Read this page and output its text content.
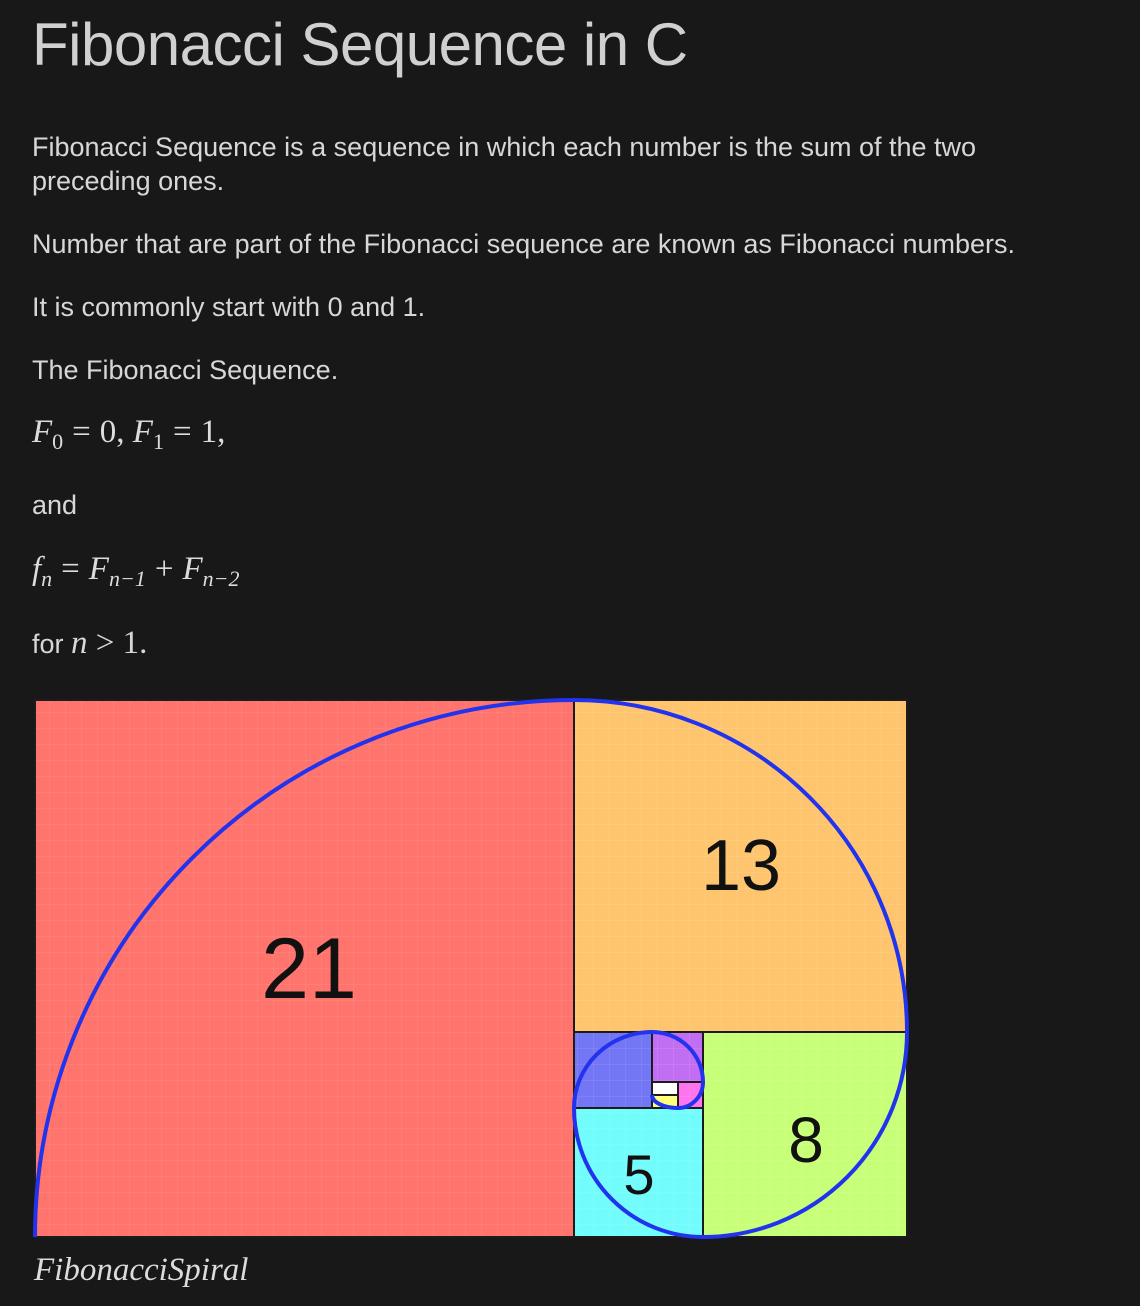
Fibonacci Sequence in C

Fibonacci Sequence is a sequence in which each number is the sum of the two

preceding ones.

Number that are part of the Fibonacci sequence are known as Fibonacci numbers.

It is commonly start with 0 and 1.

The Fibonacci Sequence.

$F_0 = 0$, $F_1 = 1$,

and

$f_n = F_{n-1} + F_{n-2}$

for n > 1.

21
13
8
5

FibonacciSpiral
